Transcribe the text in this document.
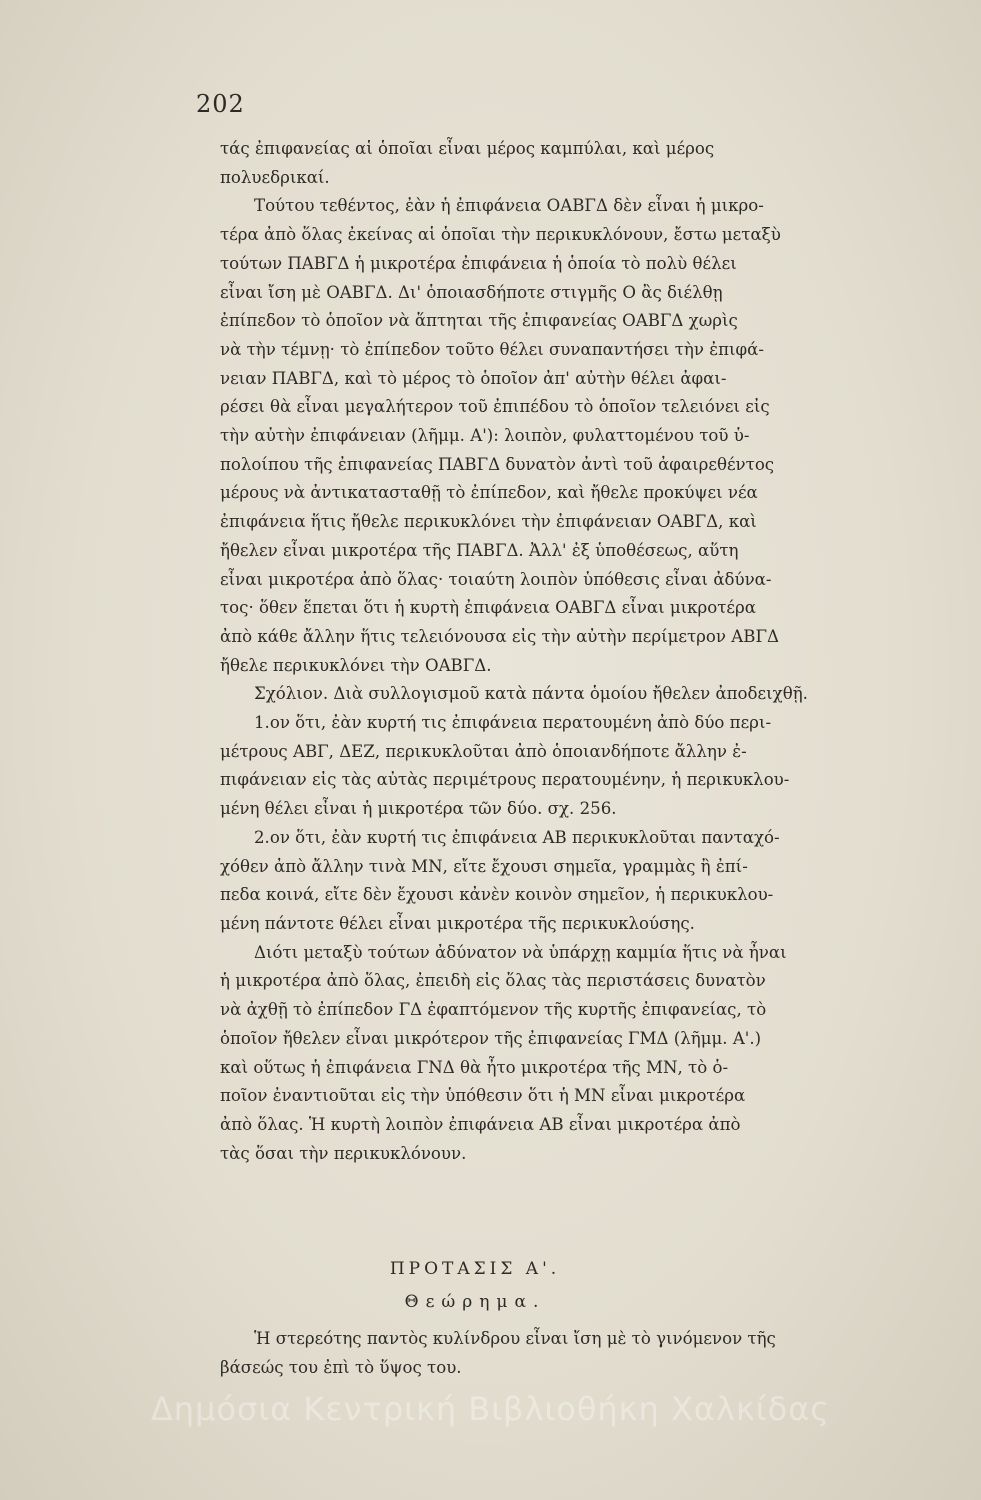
202

τάς ἐπιφανείας αἱ ὁποῖαι εἶναι μέρος καμπύλαι, καὶ μέρος
πολυεδρικαί.
Τούτου τεθέντος, ἐὰν ἡ ἐπιφάνεια ΟΑΒΓΔ δὲν εἶναι ἡ μικρο-
τέρα ἀπὸ ὅλας ἐκείνας αἱ ὁποῖαι τὴν περικυκλόνουν, ἔστω μεταξὺ
τούτων ΠΑΒΓΔ ἡ μικροτέρα ἐπιφάνεια ἡ ὁποία τὸ πολὺ θέλει
εἶναι ἴση μὲ ΟΑΒΓΔ. Δι' ὁποιασδήποτε στιγμῆς Ο ἂς διέλθῃ
ἐπίπεδον τὸ ὁποῖον νὰ ἅπτηται τῆς ἐπιφανείας ΟΑΒΓΔ χωρὶς
νὰ τὴν τέμνῃ· τὸ ἐπίπεδον τοῦτο θέλει συναπαντήσει τὴν ἐπιφά-
νειαν ΠΑΒΓΔ, καὶ τὸ μέρος τὸ ὁποῖον ἀπ' αὐτὴν θέλει ἀφαι-
ρέσει θὰ εἶναι μεγαλήτερον τοῦ ἐπιπέδου τὸ ὁποῖον τελειόνει εἰς
τὴν αὐτὴν ἐπιφάνειαν (λῆμμ. Α'): λοιπὸν, φυλαττομένου τοῦ ὑ-
πολοίπου τῆς ἐπιφανείας ΠΑΒΓΔ δυνατὸν ἀντὶ τοῦ ἀφαιρεθέντος
μέρους νὰ ἀντικατασταθῇ τὸ ἐπίπεδον, καὶ ἤθελε προκύψει νέα
ἐπιφάνεια ἥτις ἤθελε περικυκλόνει τὴν ἐπιφάνειαν ΟΑΒΓΔ, καὶ
ἤθελεν εἶναι μικροτέρα τῆς ΠΑΒΓΔ. Ἀλλ' ἐξ ὑποθέσεως, αὕτη
εἶναι μικροτέρα ἀπὸ ὅλας· τοιαύτη λοιπὸν ὑπόθεσις εἶναι ἀδύνα-
τος· ὅθεν ἕπεται ὅτι ἡ κυρτὴ ἐπιφάνεια ΟΑΒΓΔ εἶναι μικροτέρα
ἀπὸ κάθε ἄλλην ἥτις τελειόνουσα εἰς τὴν αὐτὴν περίμετρον ΑΒΓΔ
ἤθελε περικυκλόνει τὴν ΟΑΒΓΔ.
Σχόλιον. Διὰ συλλογισμοῦ κατὰ πάντα ὁμοίου ἤθελεν ἀποδειχθῇ.
1.ον ὅτι, ἐὰν κυρτή τις ἐπιφάνεια περατουμένη ἀπὸ δύο περι-
μέτρους ΑΒΓ, ΔΕΖ, περικυκλοῦται ἀπὸ ὁποιανδήποτε ἄλλην ἐ-
πιφάνειαν εἰς τὰς αὐτὰς περιμέτρους περατουμένην, ἡ περικυκλου-
μένη θέλει εἶναι ἡ μικροτέρα τῶν δύο. σχ. 256.
2.ον ὅτι, ἐὰν κυρτή τις ἐπιφάνεια ΑΒ περικυκλοῦται πανταχό-
χόθεν ἀπὸ ἄλλην τινὰ ΜΝ, εἴτε ἔχουσι σημεῖα, γραμμὰς ἢ ἐπί-
πεδα κοινά, εἴτε δὲν ἔχουσι κἀνὲν κοινὸν σημεῖον, ἡ περικυκλου-
μένη πάντοτε θέλει εἶναι μικροτέρα τῆς περικυκλούσης.
Διότι μεταξὺ τούτων ἀδύνατον νὰ ὑπάρχῃ καμμία ἥτις νὰ ἦναι
ἡ μικροτέρα ἀπὸ ὅλας, ἐπειδὴ εἰς ὅλας τὰς περιστάσεις δυνατὸν
νὰ ἀχθῇ τὸ ἐπίπεδον ΓΔ ἐφαπτόμενον τῆς κυρτῆς ἐπιφανείας, τὸ
ὁποῖον ἤθελεν εἶναι μικρότερον τῆς ἐπιφανείας ΓΜΔ (λῆμμ. Α'.)
καὶ οὕτως ἡ ἐπιφάνεια ΓΝΔ θὰ ἦτο μικροτέρα τῆς ΜΝ, τὸ ὁ-
ποῖον ἐναντιοῦται εἰς τὴν ὑπόθεσιν ὅτι ἡ ΜΝ εἶναι μικροτέρα
ἀπὸ ὅλας. Ἡ κυρτὴ λοιπὸν ἐπιφάνεια ΑΒ εἶναι μικροτέρα ἀπὸ
τὰς ὅσαι τὴν περικυκλόνουν.

ΠΡΟΤΑΣΙΣ Α'.
Θεώρημα.

Ἡ στερεότης παντὸς κυλίνδρου εἶναι ἴση μὲ τὸ γινόμενον τῆς
βάσεώς του ἐπὶ τὸ ὕψος του.

Δημόσια Κεντρική Βιβλιοθήκη Χαλκίδας
